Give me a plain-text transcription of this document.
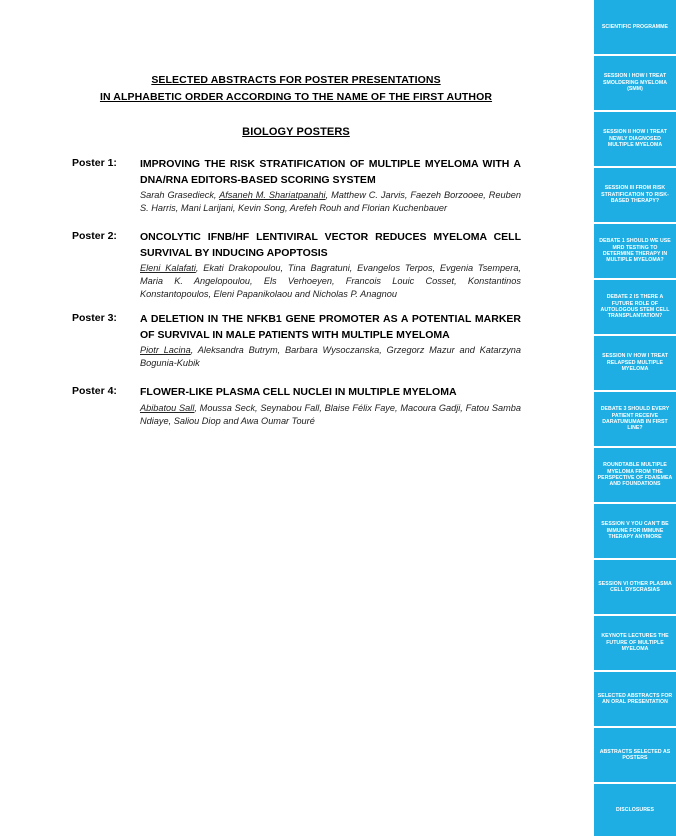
SELECTED ABSTRACTS FOR POSTER PRESENTATIONS
IN ALPHABETIC ORDER ACCORDING TO THE NAME OF THE FIRST AUTHOR
BIOLOGY POSTERS
Poster 1: IMPROVING THE RISK STRATIFICATION OF MULTIPLE MYELOMA WITH A DNA/RNA EDITORS-BASED SCORING SYSTEM
Sarah Grasedieck, Afsaneh M. Shariatpanahi, Matthew C. Jarvis, Faezeh Borzooee, Reuben S. Harris, Mani Larijani, Kevin Song, Arefeh Rouh and Florian Kuchenbauer
Poster 2: ONCOLYTIC IFNB/HF LENTIVIRAL VECTOR REDUCES MYELOMA CELL SURVIVAL BY INDUCING APOPTOSIS
Eleni Kalafati, Ekati Drakopoulou, Tina Bagratuni, Evangelos Terpos, Evgenia Tsempera, Maria K. Angelopoulou, Els Verhoeyen, Francois Louic Cosset, Konstantinos Konstantopoulos, Eleni Papanikolaou and Nicholas P. Anagnou
Poster 3: A DELETION IN THE NFKB1 GENE PROMOTER AS A POTENTIAL MARKER OF SURVIVAL IN MALE PATIENTS WITH MULTIPLE MYELOMA
Piotr Lacina, Aleksandra Butrym, Barbara Wysoczanska, Grzegorz Mazur and Katarzyna Bogunia-Kubik
Poster 4: FLOWER-LIKE PLASMA CELL NUCLEI IN MULTIPLE MYELOMA
Abibatou Sall, Moussa Seck, Seynabou Fall, Blaise Félix Faye, Macoura Gadji, Fatou Samba Ndiaye, Saliou Diop and Awa Oumar Touré
SCIENTIFIC PROGRAMME
SESSION I HOW I TREAT SMOLDERING MYELOMA (SMM)
SESSION II HOW I TREAT NEWLY DIAGNOSED MULTIPLE MYELOMA
SESSION III FROM RISK STRATIFICATION TO RISK-BASED THERAPY?
DEBATE 1 SHOULD WE USE MRD TESTING TO DETERMINE THERAPY IN MULTIPLE MYELOMA?
DEBATE 2 IS THERE A FUTURE ROLE OF AUTOLOGOUS STEM CELL TRANSPLANTATION?
SESSION IV HOW I TREAT RELAPSED MULTIPLE MYELOMA
DEBATE 3 SHOULD EVERY PATIENT RECEIVE DARATUMUMAB IN FIRST LINE?
ROUNDTABLE MULTIPLE MYELOMA FROM THE PERSPECTIVE OF FDA/EMEA AND FOUNDATIONS
SESSION V YOU CAN'T BE IMMUNE FOR IMMUNE THERAPY ANYMORE
SESSION VI OTHER PLASMA CELL DYSCRASIAS
KEYNOTE LECTURES THE FUTURE OF MULTIPLE MYELOMA
SELECTED ABSTRACTS FOR AN ORAL PRESENTATION
ABSTRACTS SELECTED AS POSTERS
DISCLOSURES
